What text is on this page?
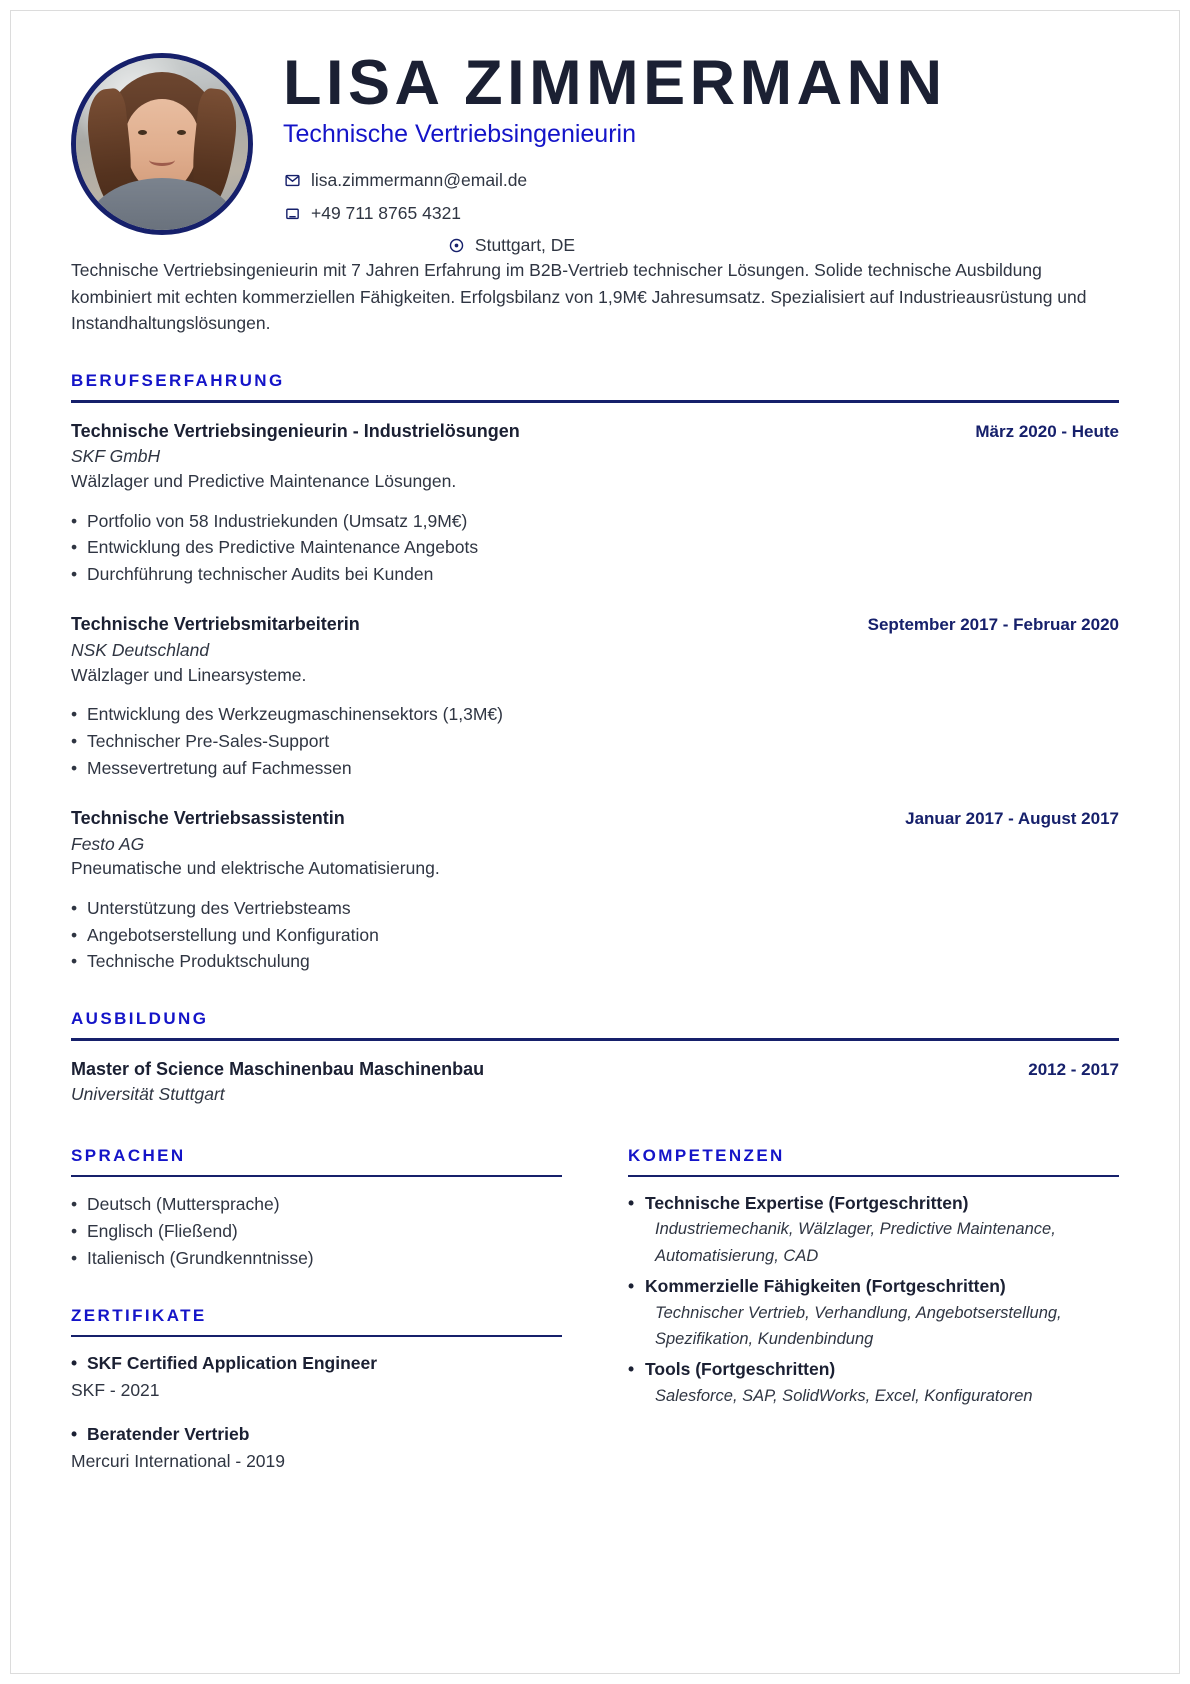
LISA ZIMMERMANN
Technische Vertriebsingenieurin
lisa.zimmermann@email.de
+49 711 8765 4321
Stuttgart, DE

Technische Vertriebsingenieurin mit 7 Jahren Erfahrung im B2B-Vertrieb technischer Lösungen. Solide technische Ausbildung kombiniert mit echten kommerziellen Fähigkeiten. Erfolgsbilanz von 1,9M€ Jahresumsatz. Spezialisiert auf Industrieausrüstung und Instandhaltungslösungen.

BERUFSERFAHRUNG
Technische Vertriebsingenieurin - Industrielösungen	März 2020 - Heute
SKF GmbH
Wälzlager und Predictive Maintenance Lösungen.
• Portfolio von 58 Industriekunden (Umsatz 1,9M€)
• Entwicklung des Predictive Maintenance Angebots
• Durchführung technischer Audits bei Kunden
Technische Vertriebsmitarbeiterin	September 2017 - Februar 2020
NSK Deutschland
Wälzlager und Linearsysteme.
• Entwicklung des Werkzeugmaschinensektors (1,3M€)
• Technischer Pre-Sales-Support
• Messevertretung auf Fachmessen
Technische Vertriebsassistentin	Januar 2017 - August 2017
Festo AG
Pneumatische und elektrische Automatisierung.
• Unterstützung des Vertriebsteams
• Angebotserstellung und Konfiguration
• Technische Produktschulung
AUSBILDUNG
Master of Science Maschinenbau Maschinenbau	2012 - 2017
Universität Stuttgart
SPRACHEN
• Deutsch (Muttersprache)
• Englisch (Fließend)
• Italienisch (Grundkenntnisse)
ZERTIFIKATE
• SKF Certified Application Engineer
SKF - 2021
• Beratender Vertrieb
Mercuri International - 2019
KOMPETENZEN
• Technische Expertise (Fortgeschritten)
Industriemechanik, Wälzlager, Predictive Maintenance, Automatisierung, CAD
• Kommerzielle Fähigkeiten (Fortgeschritten)
Technischer Vertrieb, Verhandlung, Angebotserstellung, Spezifikation, Kundenbindung
• Tools (Fortgeschritten)
Salesforce, SAP, SolidWorks, Excel, Konfiguratoren
